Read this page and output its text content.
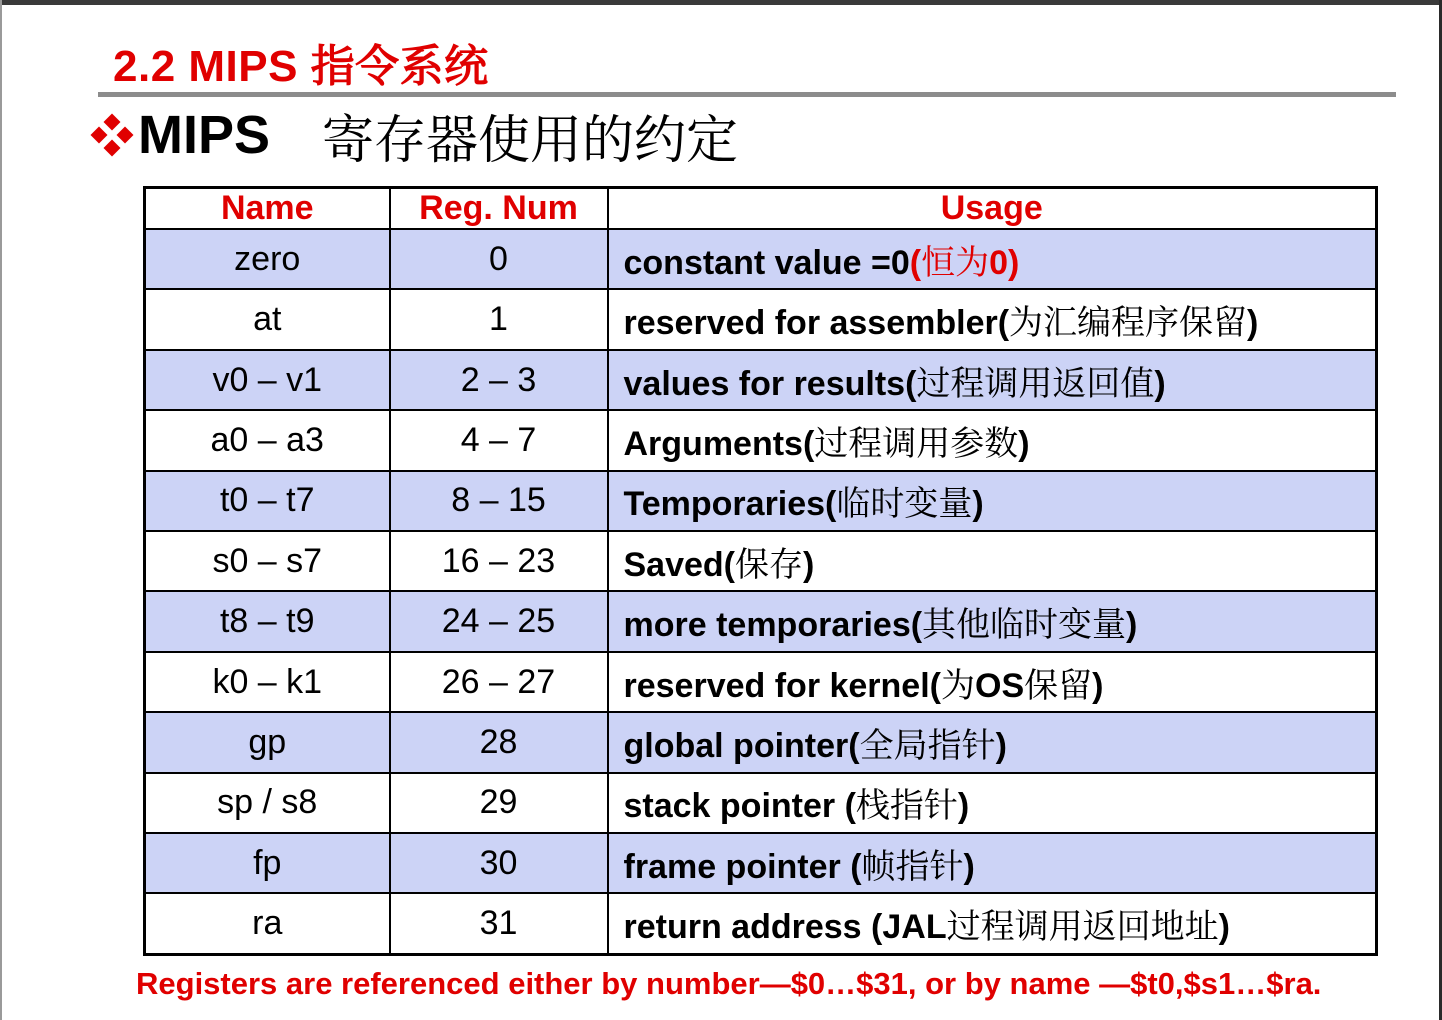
2.2 MIPS 指令系统
MIPS 寄存器使用的约定
Name	Reg. Num	Usage
zero	0	constant value =0(恒为0)
at	1	reserved for assembler(为汇编程序保留)
v0 – v1	2 – 3	values for results(过程调用返回值)
a0 – a3	4 – 7	Arguments(过程调用参数)
t0 – t7	8 – 15	Temporaries(临时变量)
s0 – s7	16 – 23	Saved(保存)
t8 – t9	24 – 25	more temporaries(其他临时变量)
k0 – k1	26 – 27	reserved for kernel(为OS保留)
gp	28	global pointer(全局指针)
sp / s8	29	stack pointer (栈指针)
fp	30	frame pointer (帧指针)
ra	31	return address (JAL过程调用返回地址)
Registers are referenced either by number—$0…$31, or by name —$t0,$s1…$ra.
